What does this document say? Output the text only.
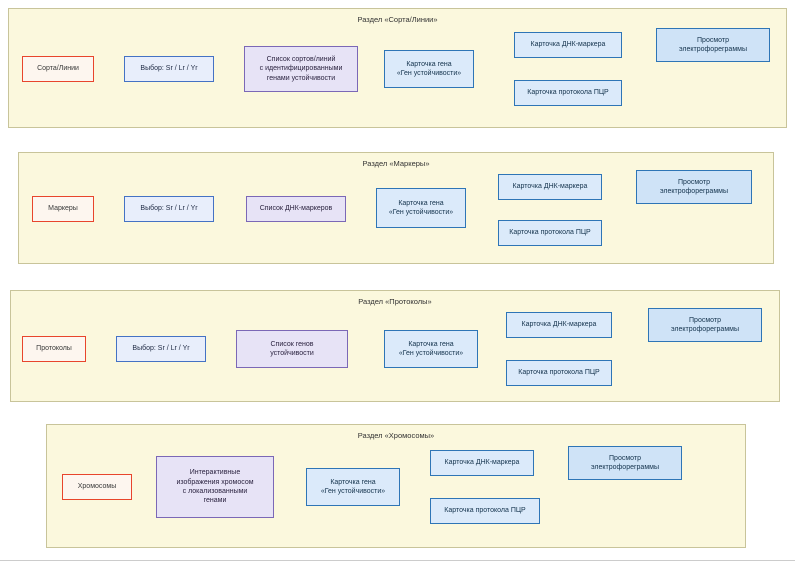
Раздел «Сорта/Линии»
Сорта/Линии	Выбор: Sr / Lr / Yr
Список сортов/линий
с идентифицированными
генами устойчивости
Карточка гена
«Ген устойчивости»
Карточка ДНК-маркера
Карточка протокола ПЦР
Просмотр
электрофореграммы
Раздел «Маркеры»
Маркеры	Выбор: Sr / Lr / Yr	Список ДНК-маркеров
Карточка гена
«Ген устойчивости»
Карточка ДНК-маркера
Карточка протокола ПЦР
Просмотр
электрофореграммы
Раздел «Протоколы»
Протоколы	Выбор: Sr / Lr / Yr
Список генов
устойчивости
Карточка гена
«Ген устойчивости»
Карточка ДНК-маркера
Карточка протокола ПЦР
Просмотр
электрофореграммы
Раздел «Хромосомы»
Хромосомы
Интерактивные
изображения хромосом
с локализованными
генами
Карточка гена
«Ген устойчивости»
Карточка ДНК-маркера
Карточка протокола ПЦР
Просмотр
электрофореграммы
